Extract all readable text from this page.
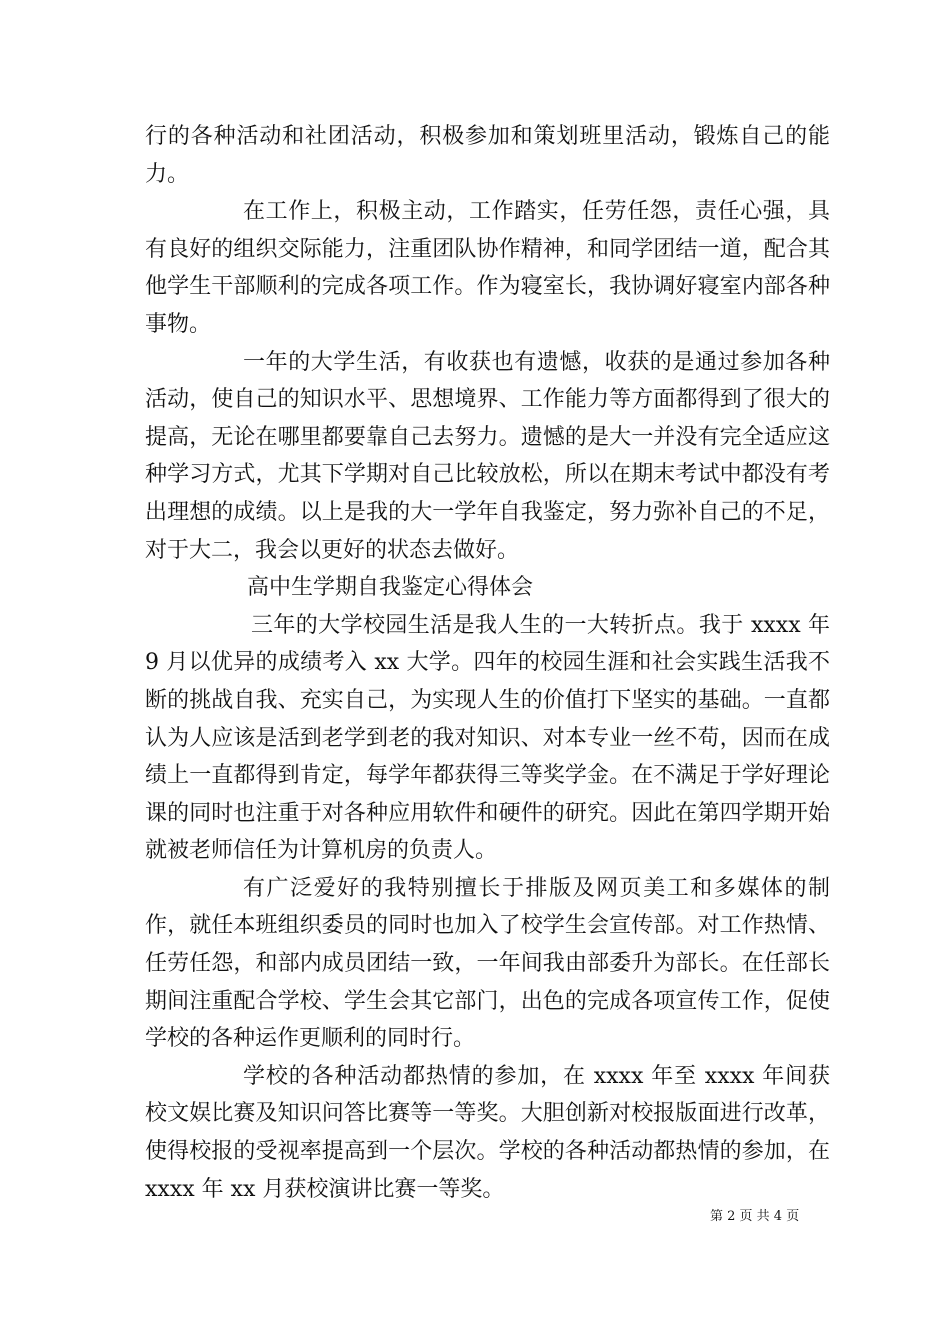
行的各种活动和社团活动，积极参加和策划班里活动，锻炼自己的能力。

在工作上，积极主动，工作踏实，任劳任怨，责任心强，具有良好的组织交际能力，注重团队协作精神，和同学团结一道，配合其他学生干部顺利的完成各项工作。作为寝室长，我协调好寝室内部各种事物。

一年的大学生活，有收获也有遗憾，收获的是通过参加各种活动，使自己的知识水平、思想境界、工作能力等方面都得到了很大的提高，无论在哪里都要靠自己去努力。遗憾的是大一并没有完全适应这种学习方式，尤其下学期对自己比较放松，所以在期末考试中都没有考出理想的成绩。以上是我的大一学年自我鉴定，努力弥补自己的不足，对于大二，我会以更好的状态去做好。

高中生学期自我鉴定心得体会

三年的大学校园生活是我人生的一大转折点。我于 xxxx 年 9 月以优异的成绩考入 xx 大学。四年的校园生涯和社会实践生活我不断的挑战自我、充实自己，为实现人生的价值打下坚实的基础。一直都认为人应该是活到老学到老的我对知识、对本专业一丝不苟，因而在成绩上一直都得到肯定，每学年都获得三等奖学金。在不满足于学好理论课的同时也注重于对各种应用软件和硬件的研究。因此在第四学期开始就被老师信任为计算机房的负责人。

有广泛爱好的我特别擅长于排版及网页美工和多媒体的制作，就任本班组织委员的同时也加入了校学生会宣传部。对工作热情、任劳任怨，和部内成员团结一致，一年间我由部委升为部长。在任部长期间注重配合学校、学生会其它部门，出色的完成各项宣传工作，促使学校的各种运作更顺利的同时行。

学校的各种活动都热情的参加，在 xxxx 年至 xxxx 年间获校文娱比赛及知识问答比赛等一等奖。大胆创新对校报版面进行改革，使得校报的受视率提高到一个层次。学校的各种活动都热情的参加，在 xxxx 年 xx 月获校演讲比赛一等奖。

第 2 页 共 4 页
